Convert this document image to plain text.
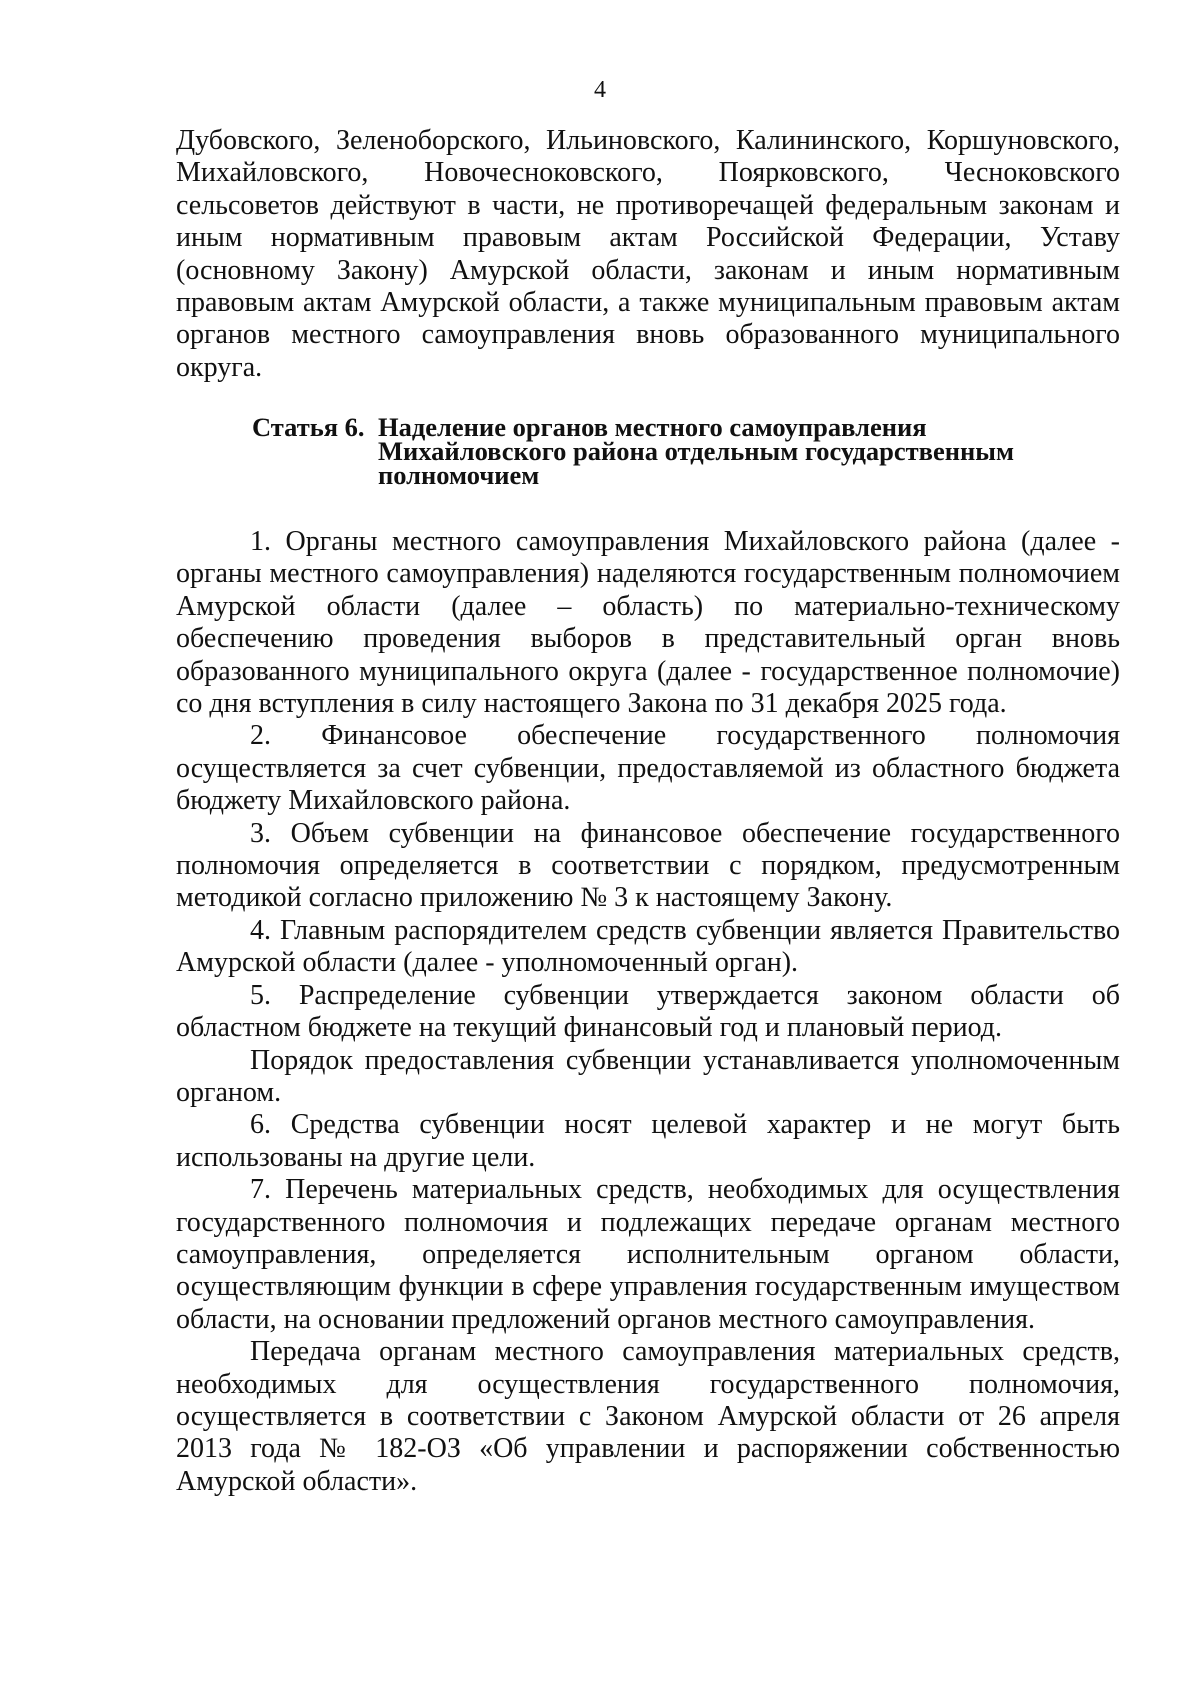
4

Дубовского, Зеленоборского, Ильиновского, Калининского, Коршуновского, Михайловского, Новочесноковского, Поярковского, Чесноковского сельсоветов действуют в части, не противоречащей федеральным законам и иным нормативным правовым актам Российской Федерации, Уставу (основному Закону) Амурской области, законам и иным нормативным правовым актам Амурской области, а также муниципальным правовым актам органов местного самоуправления вновь образованного муниципального округа.

Статья 6. Наделение органов местного самоуправления Михайловского района отдельным государственным полномочием

1. Органы местного самоуправления Михайловского района (далее - органы местного самоуправления) наделяются государственным полномочием Амурской области (далее – область) по материально-техническому обеспечению проведения выборов в представительный орган вновь образованного муниципального округа (далее - государственное полномочие) со дня вступления в силу настоящего Закона по 31 декабря 2025 года.

2. Финансовое обеспечение государственного полномочия осуществляется за счет субвенции, предоставляемой из областного бюджета бюджету Михайловского района.

3. Объем субвенции на финансовое обеспечение государственного полномочия определяется в соответствии с порядком, предусмотренным методикой согласно приложению № 3 к настоящему Закону.

4. Главным распорядителем средств субвенции является Правительство Амурской области (далее - уполномоченный орган).

5. Распределение субвенции утверждается законом области об областном бюджете на текущий финансовый год и плановый период.

Порядок предоставления субвенции устанавливается уполномоченным органом.

6. Средства субвенции носят целевой характер и не могут быть использованы на другие цели.

7. Перечень материальных средств, необходимых для осуществления государственного полномочия и подлежащих передаче органам местного самоуправления, определяется исполнительным органом области, осуществляющим функции в сфере управления государственным имуществом области, на основании предложений органов местного самоуправления.

Передача органам местного самоуправления материальных средств, необходимых для осуществления государственного полномочия, осуществляется в соответствии с Законом Амурской области от 26 апреля 2013 года № 182-ОЗ «Об управлении и распоряжении собственностью Амурской области».
